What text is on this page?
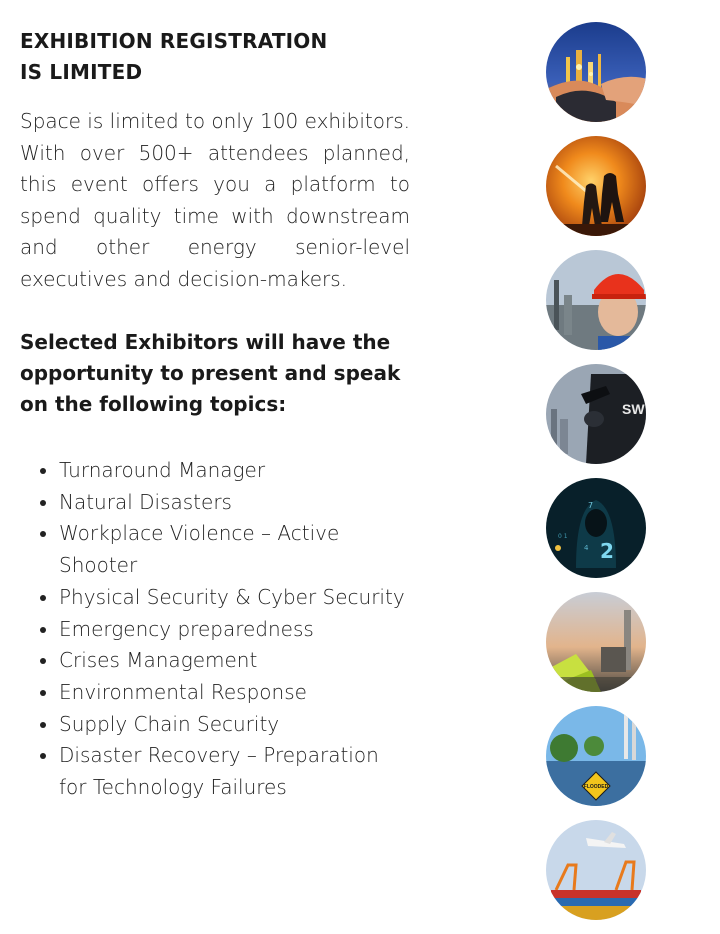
EXHIBITION REGISTRATION
IS LIMITED

Space is limited to only 100 exhibitors. With over 500+ attendees planned, this event offers you a platform to spend quality time with downstream and other energy senior-level executives and decision-makers.

Selected Exhibitors will have the opportunity to present and speak on the following topics:

• Turnaround Manager
• Natural Disasters
• Workplace Violence – Active Shooter
• Physical Security & Cyber Security
• Emergency preparedness
• Crises Management
• Environmental Response
• Supply Chain Security
• Disaster Recovery – Preparation for Technology Failures
SW
2
7
4
0 1
FLOODED
